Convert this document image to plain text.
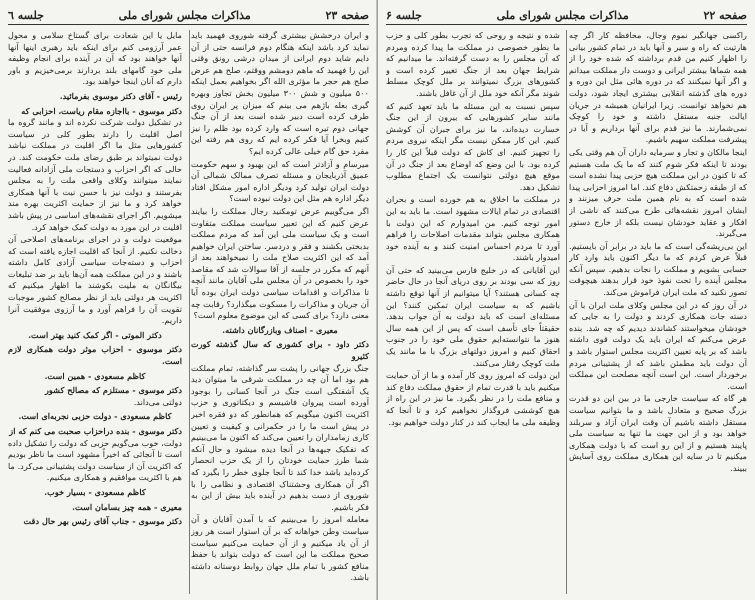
صفحه ۲۳
مذاکرات مجلس شورای ملی
جلسه ٦

و ایران درخشش بیشتری گرفته شوروی فهمید باید نماید کرد باشد اینکه هنگام دوم فرانسه حتی از آن دایم شاید دوم ایرانی از میدان درشی رونق وقتی این را فهمید که ماهم دومشم ووقتم، صلح هم عرض صلح هم حجر ما مؤثری الله اگر بخواهیم بعمل اینکه ۵۰۰ میلیون و شش ۳۰۰ میلیون بخش تجاوز وبهره گیری بعله باژهم می بینم که میزان پر ایران روی طرف کرده است دبیر شده است بعد از آن جنگ جهانی دوم تیره است که وارد کرده بود ظلم را نیز کنیم وبخرا آیا فکر کرده ایم که روی هم رفته این مفرد حق گام خیلی عالی کرده ایم؟

میرسام و آزادتر است که این بهبود و سهم حکومت عمیق آذربایجان و مسئله تصرف ممالک شمالی آن دولت ایران تولید کرد ودیگر اداره امور مشکل افتاد دیگر اداره هم مثل این دولت نبوده است؟

اگر می‌گوییم عرض تومکنید رجال مملکت را بیایند عرض کنیم که این تعبیر سیاست مملکت متفاوت است و یک سیاست ملی این آمد که مردم مملکت بدبختی بکشند و فقر و دردسر. ساختن ایران خواهیم آمد که این اکثریت صلاح ملت را نمیخواهند بعد از آنهم که مکرر در جلسه از آقا سوالات شد که مقاصد خود را بخصوص در آن مجلس ملی آقایان مانند آنچه تا مذاکرات و اقدامات سیاسی دولت ایران بوده آیا آن جریان و مذاکرات را مسکوت میگذارد؟ رقابت چه معنی دارد؟ برای کسی که این موضوع معلوم است؟

معیری - اصناف وبازرگانان داشته.
دکتر داود - برای کشوری که سال گذشته کورت کثیرو

جنگ بزرگ جهانی را پشت سر گذاشته، تمام مملکت هم بود اما آن چه در مملکت شرقی ما میتوان دید یک آشفتگی است جنگ در آنجا کسانی را بوجود آورده است پیروان فاشیسم و دیکتاتوری و حزب اکثریت اکنون میگویم که همانطور که دو فقره اخیر در پیش است ما را در حکمرانی و کیفیت و تعیین کاری زمامداران را تعیین می‌کند که اکنون ما می‌بینیم که تفکیک جبهه‌ها در آنجا دیده میشود و حال آنکه شما طرز حمایت خودتان را از یک حزب انحصار کرده‌اید باشد خدا کند تا آنجا جلوی خطر را بگیرد که اگر آن همکاری وحشتناک اقتصادی و نظامی را با شوروی از دست بدهیم در آینده باید بیش از این به فکر باشیم.

معامله امروز را می‌بینیم که با آمدن آقایان و آن سیاست وطن خواهانه که بر آن استوار است هر روز از آن یاد میکنیم و از آن حمایت می‌کنیم سیاست صحیح مملکت ما این است که دولت بتواند با حفظ منافع کشور با تمام ملل جهان روابط دوستانه داشته باشد.

مایل یا این شعادت برای گستاخ سلامی و محول عمر آرزومی کنم برای اینکه باید رهبری اینها آنها آنها خواهند بود که آن در آینده برای انجام وظیفه ملی خود گامهای بلند بردارند برمی‌خیزیم و باور دارم که آنان اینجا خواهند بود.

رئیس - آقای دکتر موسوی بفرمائید.
دکتر موسوی - بااجازه مقام ریاست، احزابی که

در تشکیل دولت شرکت نکرده اند و مانند گروه ما اصل اقلیت را دارند بطور کلی در سیاست کشورهایی مثل ما اگر اقلیت در مملکت نباشد دولت نمیتواند بر طبق رضای ملت حکومت کند. در حالی که اگر احزاب و دستجات ملی آزادانه فعالیت نمایند میتوانند وکلای واقعی ملت را به مجلس بفرستند و دولت نیز با حسن نیت با آنها همکاری خواهد کرد و ما نیز از حمایت اکثریت بهره مند میشویم. اگر اجرای نقشه‌های اساسی در پیش باشد اقلیت در این مورد به دولت کمک خواهد کرد.

موقعیت دولت و در اجرای برنامه‌های اصلاحی آن دخالت نکنیم. از آنجا که اقلیت اجازه یافته است که احزاب و دسته‌جات سیاسی آزادی کامل داشته باشند و در این مملکت همه آن‌ها باید بر ضد تبلیغات بیگانگان به ملیت بکوشند ما اظهار میکنیم که اکثریت هر دولتی باید از نظر مصالح کشور موجبات تقویت آن را فراهم آورد و ما آرزوی موفقیت آنرا داریم.

دکتر الموتی - اگر کمک کنید بهتر است.
دکتر موسوی - احزاب موثر دولت همکاری لازم است.
کاظم مسعودی - همین است.
دکتر موسوی - مستلزم که مصالح کشور

دولتی می‌داند.

کاظم مسعودی - دولت حزبی نجربه‌ای است.
دکتر موسوی - بنده دراحزاب صحبت می کنم که از

دولت، خوب می‌گویم حزبی که دولت را تشکیل داده است تا آنجائی که اخیراً مشهود است ما ناظر بودیم که اکثریت آن از سیاست دولت پشتیبانی می‌کرد. ما هم با اکثریت موافقیم و همکاری میکنیم.

کاظم مسعودی - بسیار خوب.
معیری - همه چیز بسامان است.
دکتر موسوی - جناب آقای رئیس بهر حال دقت
صفحه ۲۲
مذاکرات مجلس شورای ملی
جلسه ۶

راکسی جهانگیر نموم وجال، محافظه کار اگر چه هارتیت که راه و سیر و آنها باید در تمام کشور بیانی را اظهار کنیم من قدم برداشته که شده خود را از همه شماها بیشتر ایرانی و دوست دار مملکت میدانم و اگر آنها نمیکنند که در دوره هائی مثل این دوره و دوره های گذشته انقلابی بیشتری ایجاد شود، دولت هم نخواهد توانست. زیرا ایرانیان همیشه در جریان ایالت جنبه مستقل داشته و خود را کوچک نمی‌شمارند. ما نیز قدم برای آنها برداریم و آیا در پیشرفت مملکت سهیم باشیم.

اینجا مالکان و تجار و سرمایه داران آن هم وقتی یکی بودند تا اینکه فکر شوم کنند که ما یک ملت هستیم که تا کنون در این مملکت هیچ حزبی پیدا نشده است که از طبقه زحمتکش دفاع کند. اما امروز احزابی پیدا شده است که به نام همین ملت حرف میزنند و ایشان امروز نقشه‌هائی طرح می‌کنند که ناشی از افکار و عقاید خودشان نیست بلکه از خارج دستور می‌گیرند.

این بی‌ریشه‌گی است که ما باید در برابر آن بایستیم. قبلاً عرض کردم که ما دیگر اکنون باید وارد کار حسابی بشویم و مملکت را نجات بدهیم. سپس آنکه مجلس آینده را تحت نفوذ خود قرار بدهند هیچوقت تصور نکنید که ملت ایران فراموش می‌کند.

در آن روز که در این مجلس وکلای ملت ایران با آن دسته جات همکاری کردند و دولت را به جایی که خودشان میخواستند کشاندند دیدیم که چه شد. بنده عرض می‌کنم که ایران باید یک دولت قوی داشته باشد که بر پایه تعیین اکثریت مجلس استوار باشد و آن دولت باید مطمئن باشد که از پشتیبانی مردم برخوردار است. این است آنچه مصلحت این مملکت است.

هر گاه که سیاست خارجی ما در بین این دو قدرت بزرگ صحیح و متعادل باشد و ما بتوانیم سیاست مستقل داشته باشیم آن وقت ایران آزاد و سربلند خواهد بود و از این جهت ما تنها به سیاست ملی پایبند هستیم و از این رو است که با دولت همکاری میکنیم تا در سایه این همکاری مملکت روی آسایش ببیند.

شده و نتیجه و روحی که تجرب بطور کلی و حزب ما بطور خصوصی در مملکت ما پیدا کرده ومردم که آن مجلس را به دست گرفته‌اند. ما میدانیم که شرایط جهان بعد از جنگ تغییر کرده است و کشورهای بزرگ نمیتوانند بر ملل کوچک مسلط شوند مگر آنکه خود ملل از آن غافل باشند.

سپس نسبت به این مسئله ما باید تعهد کنیم که مانند سایر کشورهایی که بیرون از این جنگ خسارت دیده‌اند، ما نیز برای جبران آن کوشش کنیم. این کار ممکن نیست مگر اینکه نیروی مردم را تجهیز کنیم. ای کاش که دولت قبلاً این کار را کرده بود. با این وضع که اوضاع بعد از جنگ در آن موقع هیچ دولتی نتوانست یک اجتماع مطلوب تشکیل دهد.

در مملکت ما اخلاق به هم خورده است و بحران اقتصادی در تمام ایالات مشهود است. ما باید به این امور توجه کنیم. من امیدوارم که این دولت با همکاری مجلس بتواند مقدمات اصلاحات را فراهم آورد تا مردم احساس امنیت کنند و به آینده خود امیدوار باشند.

این آقایانی که در خلیج فارس می‌بینید که حتی آن روز که سی بودند بر روی دریای آنجا در حال حاضر چه کسانی هستند؟ آیا میتوانیم از آنها توقع داشته باشیم که به سیاست ایران تمکین کنند؟ این مسئله‌ای است که باید دولت به آن جواب بدهد. حقیقتاً جای تأسف است که پس از این همه سال هنوز ما نتوانسته‌ایم حقوق ملی خود را در جنوب احقاق کنیم و امروز دولتهای بزرگ با ما مانند یک ملت کوچک رفتار می‌کنند.

این دولت که امروز روی کار آمده و ما از آن حمایت میکنیم باید با قدرت تمام از حقوق مملکت دفاع کند و منافع ملت را در نظر بگیرد. ما نیز در این راه از هیچ کوششی فروگذار نخواهیم کرد و تا آنجا که وظیفه ملی ما ایجاب کند در کنار دولت خواهیم بود.
